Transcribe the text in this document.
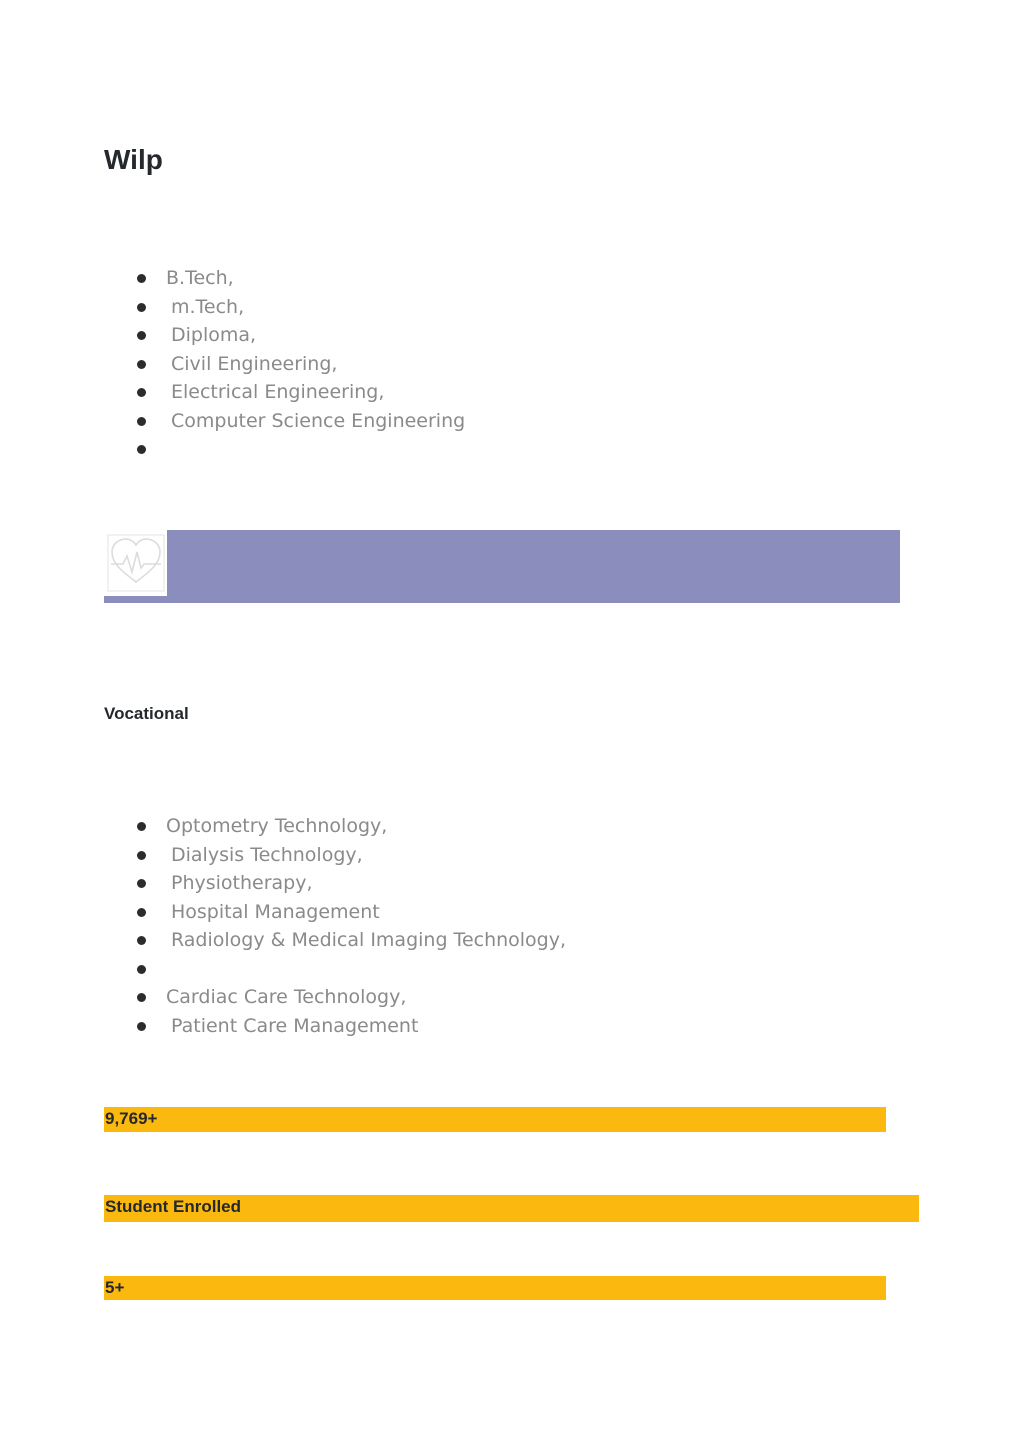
Wilp
B.Tech,
m.Tech,
Diploma,
Civil Engineering,
Electrical Engineering,
Computer Science Engineering
Vocational
Optometry Technology,
Dialysis Technology,
Physiotherapy,
Hospital Management
Radiology & Medical Imaging Technology,
Cardiac Care Technology,
Patient Care Management
9,769+
Student Enrolled
5+
